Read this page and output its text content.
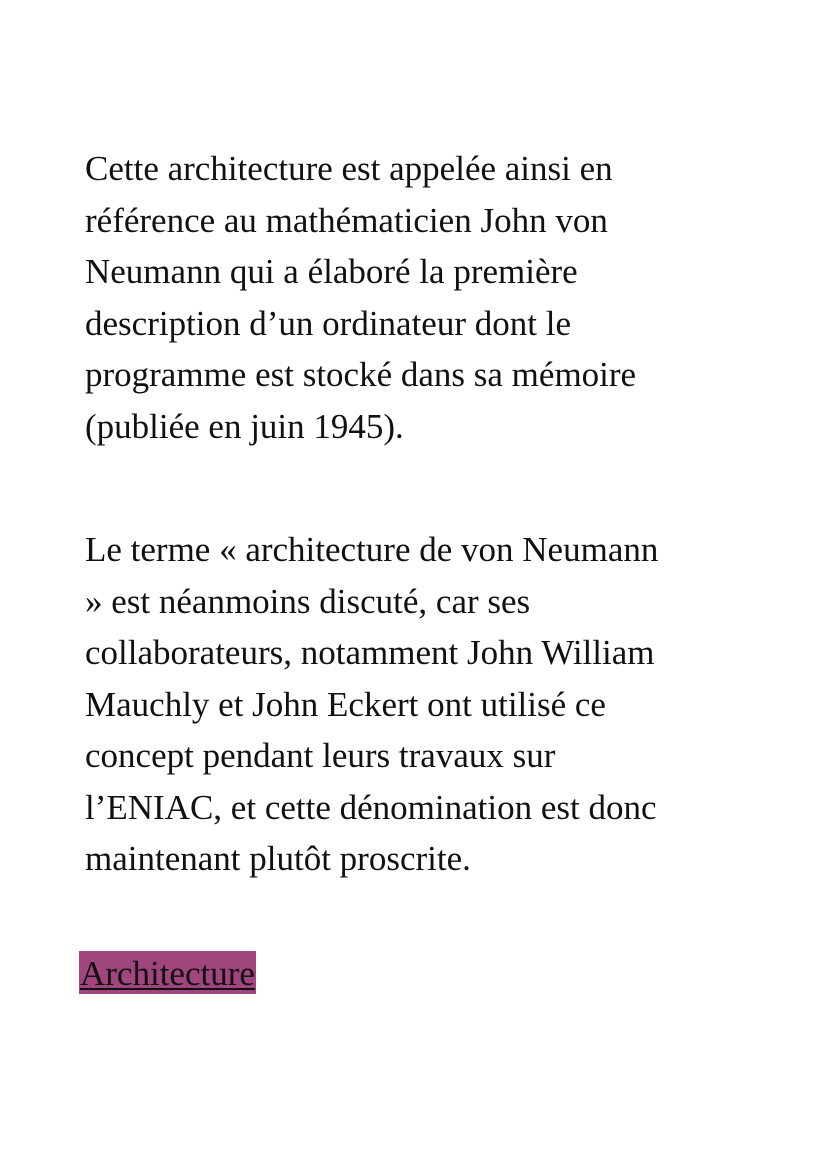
Cette architecture est appelée ainsi en
référence au mathématicien John von
Neumann qui a élaboré la première
description d’un ordinateur dont le
programme est stocké dans sa mémoire
(publiée en juin 1945).

Le terme « architecture de von Neumann
» est néanmoins discuté, car ses
collaborateurs, notamment John William
Mauchly et John Eckert ont utilisé ce
concept pendant leurs travaux sur
l’ENIAC, et cette dénomination est donc
maintenant plutôt proscrite.

Architecture
